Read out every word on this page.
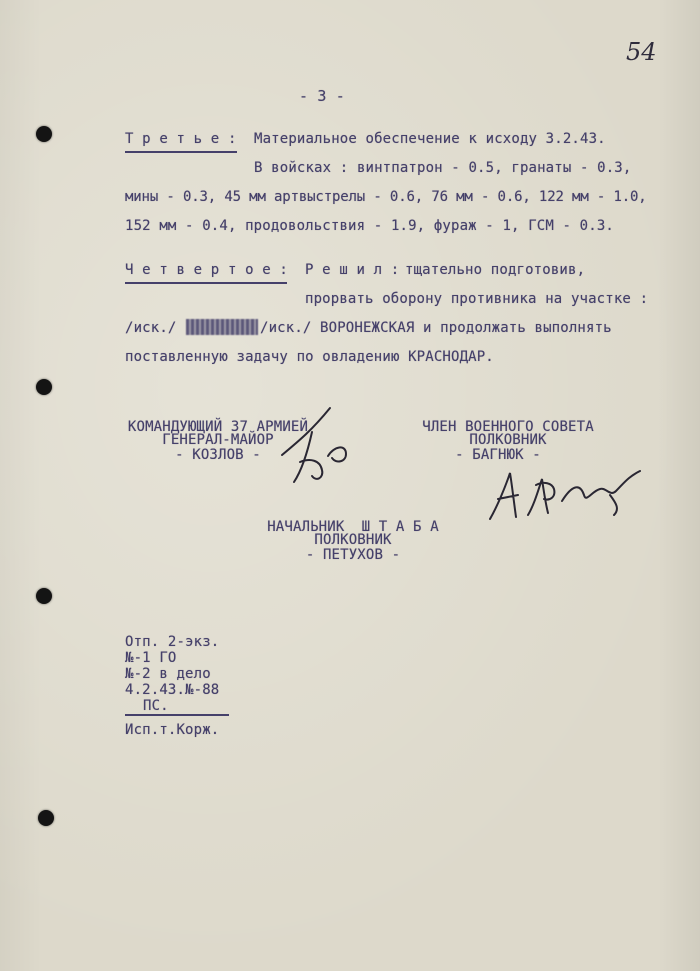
54
- 3 -
Т р е т ь е : Материальное обеспечение к исходу 3.2.43.
В войсках : винтпатрон - 0.5, гранаты - 0.3,
мины - 0.3, 45 мм артвыстрелы - 0.6, 76 мм - 0.6, 122 мм - 1.0,
152 мм - 0.4, продовольствия - 1.9, фураж - 1, ГСМ - 0.3.
Ч е т в е р т о е : Р е ш и л : тщательно подготовив,
прорвать оборону противника на участке :
/иск./	/иск./ ВОРОНЕЖСКАЯ и продолжать выполнять
поставленную задачу по овладению КРАСНОДАР.
КОМАНДУЮЩИЙ 37 АРМИЕЙ
ГЕНЕРАЛ-МАЙОР
- КОЗЛОВ -
ЧЛЕН ВОЕННОГО СОВЕТА
ПОЛКОВНИК
- БАГНЮК -
НАЧАЛЬНИК  Ш Т А Б А
ПОЛКОВНИК
- ПЕТУХОВ -
Отп. 2-экз.
№-1 ГО
№-2 в дело
4.2.43.№-88
ПС.
Исп.т.Корж.
